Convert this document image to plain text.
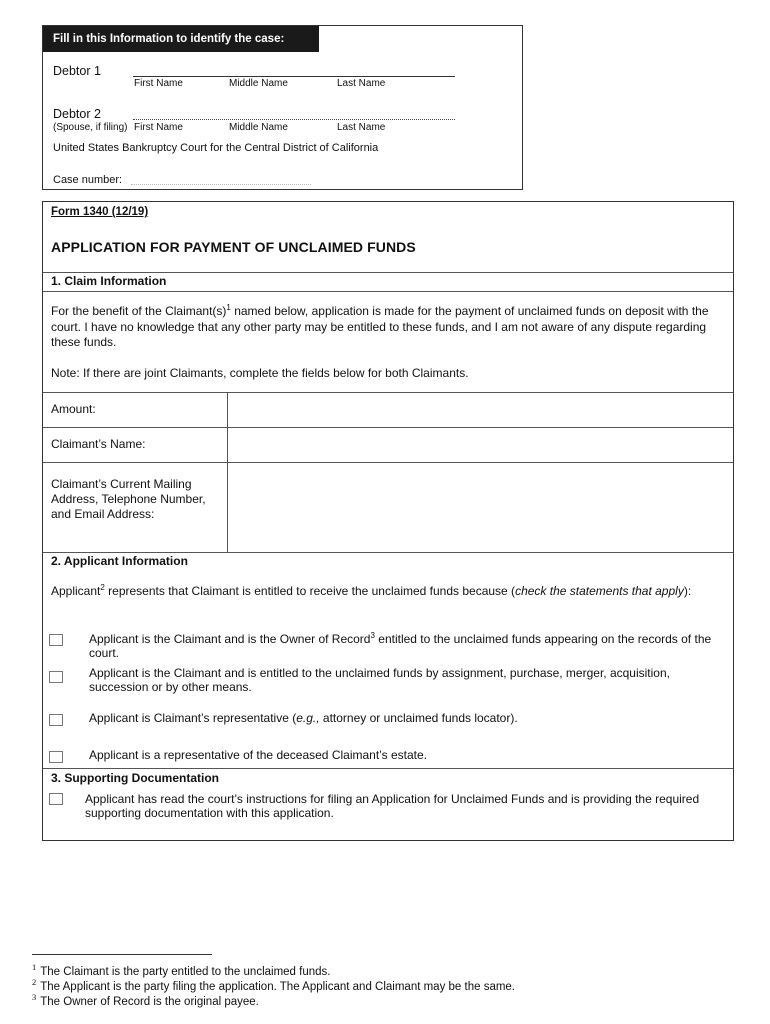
Fill in this Information to identify the case:
Debtor 1
First Name	Middle Name	Last Name
Debtor 2
(Spouse, if filing) First Name	Middle Name	Last Name
United States Bankruptcy Court for the Central District of California
Case number:
Form 1340 (12/19)
APPLICATION FOR PAYMENT OF UNCLAIMED FUNDS
1. Claim Information
For the benefit of the $Claimant(s)^1$ named below, application is made for the payment of unclaimed funds on deposit with the court. I have no knowledge that any other party may be entitled to these funds, and I am not aware of any dispute regarding these funds.
Note: If there are joint Claimants, complete the fields below for both Claimants.
Amount:
Claimant’s Name:
Claimant’s Current Mailing Address, Telephone Number, and Email Address:
2. Applicant Information
Applicant$^2$ represents that Claimant is entitled to receive the unclaimed funds because (check the statements that apply):
Applicant is the Claimant and is the Owner of Record$^3$ entitled to the unclaimed funds appearing on the records of the court.
Applicant is the Claimant and is entitled to the unclaimed funds by assignment, purchase, merger, acquisition, succession or by other means.
Applicant is Claimant’s representative (e.g., attorney or unclaimed funds locator).
Applicant is a representative of the deceased Claimant’s estate.
3. Supporting Documentation
Applicant has read the court’s instructions for filing an Application for Unclaimed Funds and is providing the required supporting documentation with this application.
$^1$ The Claimant is the party entitled to the unclaimed funds.
$^2$ The Applicant is the party filing the application. The Applicant and Claimant may be the same.
$^3$ The Owner of Record is the original payee.
